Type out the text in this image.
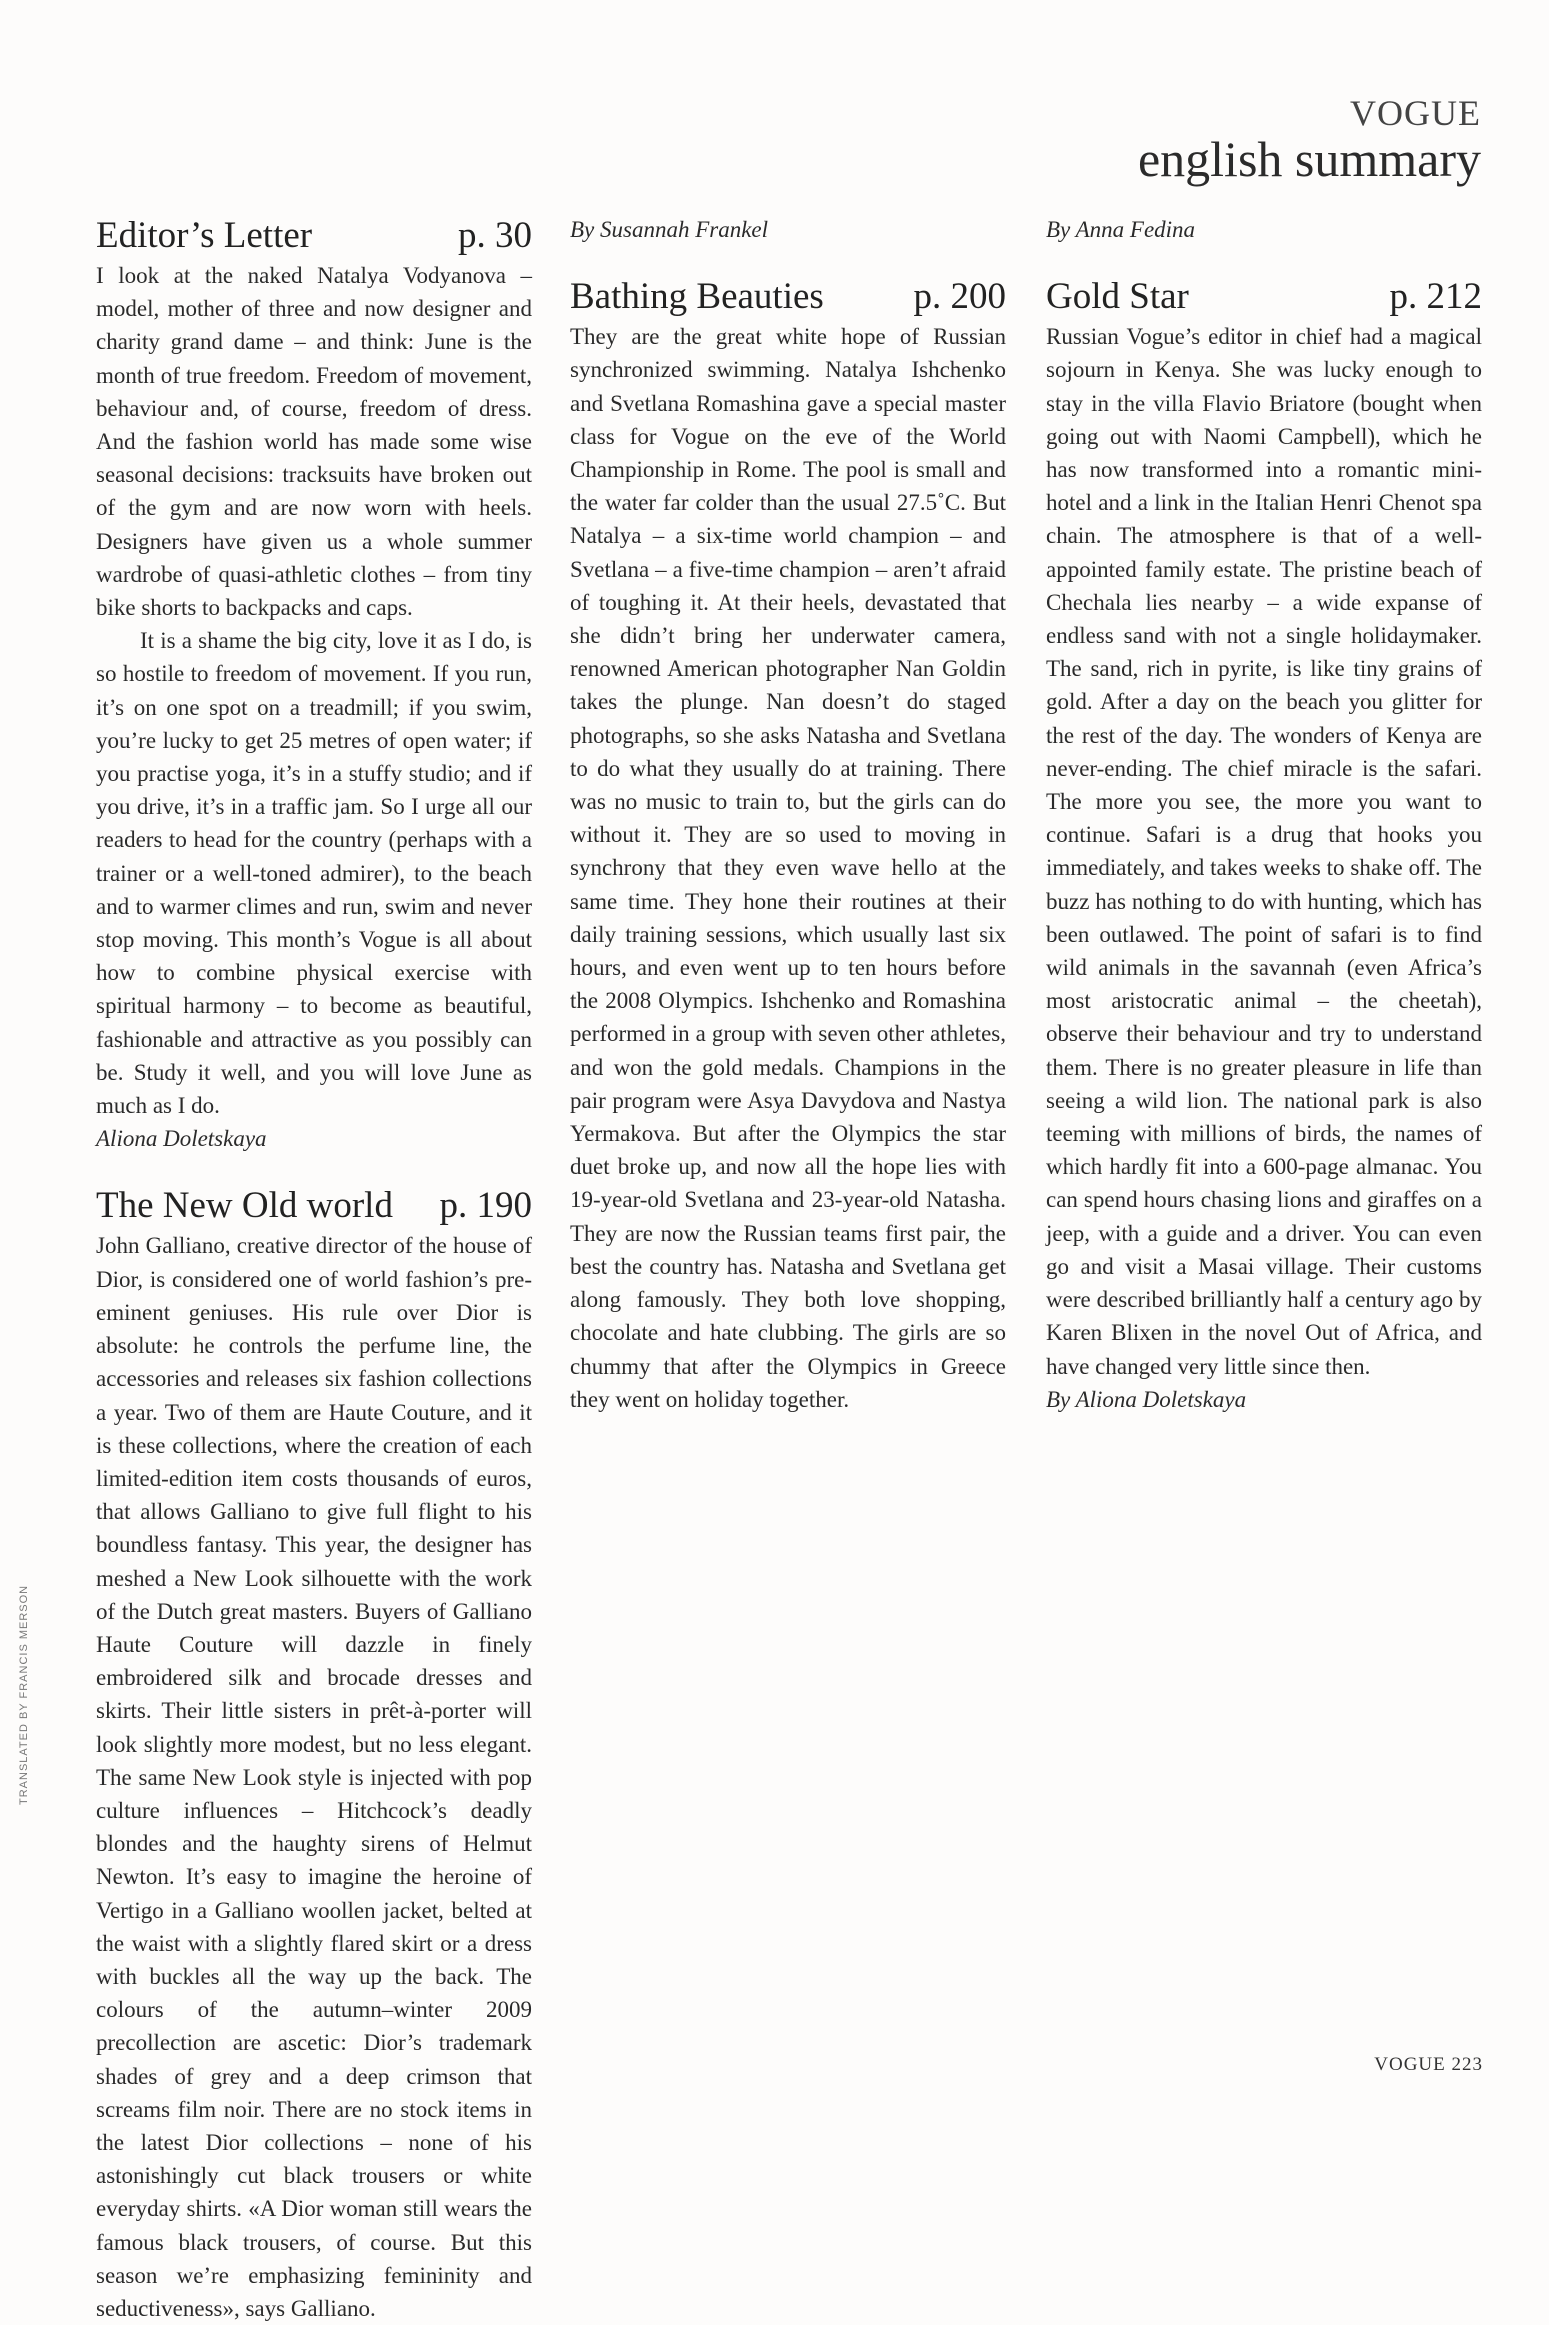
VOGUE
english summary
Editor’s Letter	p. 30

I look at the naked Natalya Vodyanova – model, mother of three and now designer and charity grand dame – and think: June is the month of true freedom. Freedom of movement, behaviour and, of course, freedom of dress. And the fashion world has made some wise seasonal decisions: tracksuits have broken out of the gym and are now worn with heels. Designers have given us a whole summer wardrobe of quasi-athletic clothes – from tiny bike shorts to backpacks and caps.

It is a shame the big city, love it as I do, is so hostile to freedom of movement. If you run, it’s on one spot on a treadmill; if you swim, you’re lucky to get 25 metres of open water; if you practise yoga, it’s in a stuffy studio; and if you drive, it’s in a traffic jam. So I urge all our readers to head for the country (perhaps with a trainer or a well-toned admirer), to the beach and to warmer climes and run, swim and never stop moving. This month’s Vogue is all about how to combine physical exercise with spiritual harmony – to become as beautiful, fashionable and attractive as you possibly can be. Study it well, and you will love June as much as I do.

Aliona Doletskaya

The New Old world p. 190

John Galliano, creative director of the house of Dior, is considered one of world fashion’s pre-eminent geniuses. His rule over Dior is absolute: he controls the perfume line, the accessories and releases six fashion collections a year. Two of them are Haute Couture, and it is these collections, where the creation of each limited-edition item costs thousands of euros, that allows Galliano to give full flight to his boundless fantasy. This year, the designer has meshed a New Look silhouette with the work of the Dutch great masters. Buyers of Galliano Haute Couture will dazzle in finely embroidered silk and brocade dresses and skirts. Their little sisters in prêt-à-porter will look slightly more modest, but no less elegant. The same New Look style is injected with pop culture influences – Hitchcock’s deadly blondes and the haughty sirens of Helmut Newton. It’s easy to imagine the heroine of Vertigo in a Galliano woollen jacket, belted at the waist with a slightly flared skirt or a dress with buckles all the way up the back. The colours of the autumn–winter 2009 precollection are ascetic: Dior’s trademark shades of grey and a deep crimson that screams film noir. There are no stock items in the latest Dior collections – none of his astonishingly cut black trousers or white everyday shirts. «A Dior woman still wears the famous black trousers, of course. But this season we’re emphasizing femininity and seductiveness», says Galliano.

By Susannah Frankel

Bathing Beauties p. 200

They are the great white hope of Russian synchronized swimming. Natalya Ishchenko and Svetlana Romashina gave a special master class for Vogue on the eve of the World Championship in Rome. The pool is small and the water far colder than the usual 27.5˚C. But Natalya – a six-time world champion – and Svetlana – a five-time champion – aren’t afraid of toughing it. At their heels, devastated that she didn’t bring her underwater camera, renowned American photographer Nan Goldin takes the plunge. Nan doesn’t do staged photographs, so she asks Natasha and Svetlana to do what they usually do at training. There was no music to train to, but the girls can do without it. They are so used to moving in synchrony that they even wave hello at the same time. They hone their routines at their daily training sessions, which usually last six hours, and even went up to ten hours before the 2008 Olympics. Ishchenko and Romashina performed in a group with seven other athletes, and won the gold medals. Champions in the pair program were Asya Davydova and Nastya Yermakova. But after the Olympics the star duet broke up, and now all the hope lies with 19-year-old Svetlana and 23-year-old Natasha. They are now the Russian teams first pair, the best the country has. Natasha and Svetlana get along famously. They both love shopping, chocolate and hate clubbing. The girls are so chummy that after the Olympics in Greece they went on holiday together.

By Anna Fedina

Gold Star	p. 212

Russian Vogue’s editor in chief had a magical sojourn in Kenya. She was lucky enough to stay in the villa Flavio Briatore (bought when going out with Naomi Campbell), which he has now transformed into a romantic mini-hotel and a link in the Italian Henri Chenot spa chain. The atmosphere is that of a well-appointed family estate. The pristine beach of Chechala lies nearby – a wide expanse of endless sand with not a single holidaymaker. The sand, rich in pyrite, is like tiny grains of gold. After a day on the beach you glitter for the rest of the day. The wonders of Kenya are never-ending. The chief miracle is the safari. The more you see, the more you want to continue. Safari is a drug that hooks you immediately, and takes weeks to shake off. The buzz has nothing to do with hunting, which has been outlawed. The point of safari is to find wild animals in the savannah (even Africa’s most aristocratic animal – the cheetah), observe their behaviour and try to understand them. There is no greater pleasure in life than seeing a wild lion. The national park is also teeming with millions of birds, the names of which hardly fit into a 600-page almanac. You can spend hours chasing lions and giraffes on a jeep, with a guide and a driver. You can even go and visit a Masai village. Their customs were described brilliantly half a century ago by Karen Blixen in the novel Out of Africa, and have changed very little since then.

By Aliona Doletskaya

TRANSLATED BY FRANCIS MERSON
VOGUE 223
